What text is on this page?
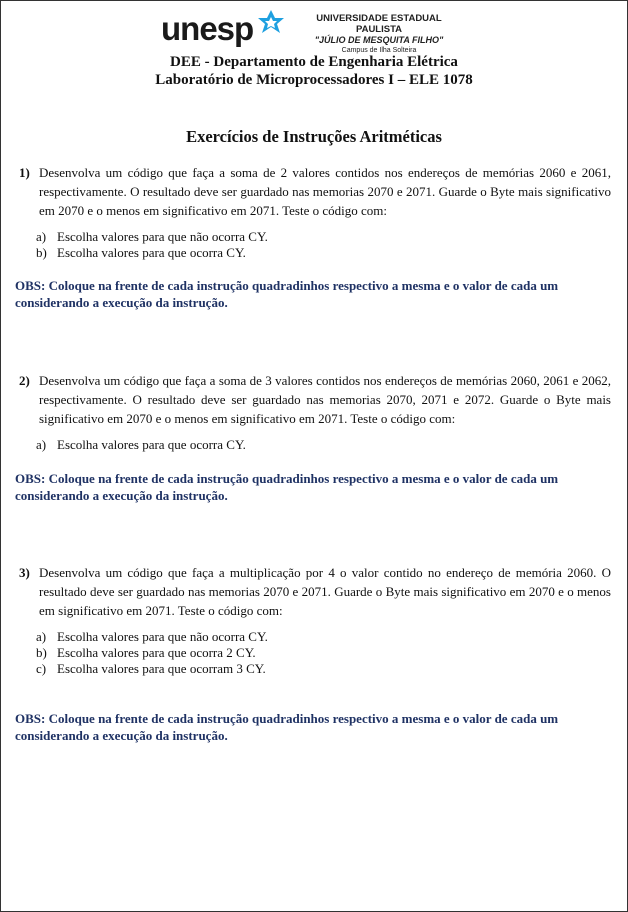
unesp	UNIVERSIDADE ESTADUAL PAULISTA
"JÚLIO DE MESQUITA FILHO"
Campus de Ilha Solteira
DEE - Departamento de Engenharia Elétrica
Laboratório de Microprocessadores I – ELE 1078
Exercícios de Instruções Aritméticas
1) Desenvolva um código que faça a soma de 2 valores contidos nos endereços de memórias 2060 e 2061, respectivamente. O resultado deve ser guardado nas memorias 2070 e 2071. Guarde o Byte mais significativo em 2070 e o menos em significativo em 2071. Teste o código com:
a) Escolha valores para que não ocorra CY.
b) Escolha valores para que ocorra CY.
OBS: Coloque na frente de cada instrução quadradinhos respectivo a mesma e o valor de cada um considerando a execução da instrução.
2) Desenvolva um código que faça a soma de 3 valores contidos nos endereços de memórias 2060, 2061 e 2062, respectivamente. O resultado deve ser guardado nas memorias 2070, 2071 e 2072. Guarde o Byte mais significativo em 2070 e o menos em significativo em 2071. Teste o código com:
a) Escolha valores para que ocorra CY.
OBS: Coloque na frente de cada instrução quadradinhos respectivo a mesma e o valor de cada um considerando a execução da instrução.
3) Desenvolva um código que faça a multiplicação por 4 o valor contido no endereço de memória 2060. O resultado deve ser guardado nas memorias 2070 e 2071. Guarde o Byte mais significativo em 2070 e o menos em significativo em 2071. Teste o código com:
a) Escolha valores para que não ocorra CY.
b) Escolha valores para que ocorra 2 CY.
c) Escolha valores para que ocorram 3 CY.
OBS: Coloque na frente de cada instrução quadradinhos respectivo a mesma e o valor de cada um considerando a execução da instrução.
